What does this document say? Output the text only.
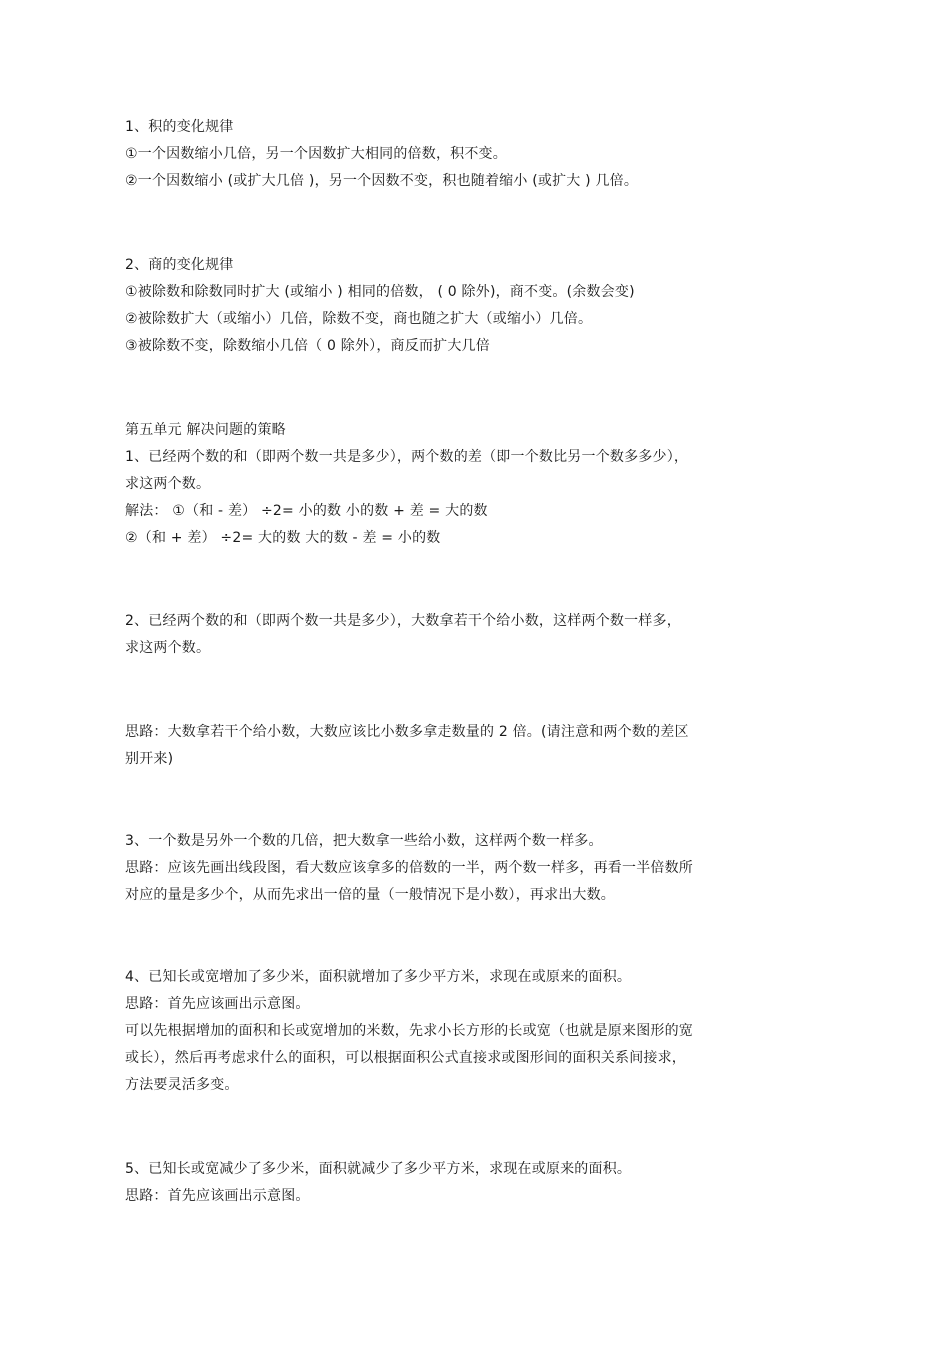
1、积的变化规律
①一个因数缩小几倍，另一个因数扩大相同的倍数，积不变。
②一个因数缩小 (或扩大几倍 )，另一个因数不变，积也随着缩小 (或扩大 ) 几倍。
2、商的变化规律
①被除数和除数同时扩大 (或缩小 ) 相同的倍数， ( 0 除外)，商不变。(余数会变)
②被除数扩大（或缩小）几倍，除数不变，商也随之扩大（或缩小）几倍。
③被除数不变，除数缩小几倍（ 0 除外），商反而扩大几倍
第五单元 解决问题的策略
1、已经两个数的和（即两个数一共是多少），两个数的差（即一个数比另一个数多多少），
求这两个数。
解法： ①（和 - 差） ÷2= 小的数 小的数 + 差 = 大的数
②（和 + 差） ÷2= 大的数 大的数 - 差 = 小的数
2、已经两个数的和（即两个数一共是多少），大数拿若干个给小数，这样两个数一样多，
求这两个数。
思路：大数拿若干个给小数，大数应该比小数多拿走数量的 2 倍。(请注意和两个数的差区
别开来)
3、一个数是另外一个数的几倍，把大数拿一些给小数，这样两个数一样多。
思路：应该先画出线段图，看大数应该拿多的倍数的一半，两个数一样多，再看一半倍数所
对应的量是多少个，从而先求出一倍的量（一般情况下是小数），再求出大数。
4、已知长或宽增加了多少米，面积就增加了多少平方米，求现在或原来的面积。
思路：首先应该画出示意图。
可以先根据增加的面积和长或宽增加的米数，先求小长方形的长或宽（也就是原来图形的宽
或长），然后再考虑求什么的面积，可以根据面积公式直接求或图形间的面积关系间接求，
方法要灵活多变。
5、已知长或宽减少了多少米，面积就减少了多少平方米，求现在或原来的面积。
思路：首先应该画出示意图。
